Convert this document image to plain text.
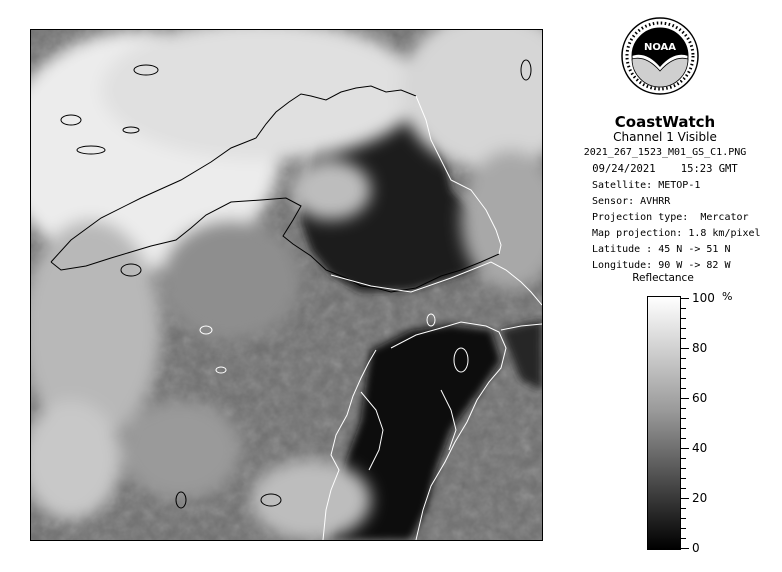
NOAA
CoastWatch
Channel 1 Visible
2021_267_1523_M01_GS_C1.PNG
09/24/2021    15:23 GMT
Satellite: METOP-1
Sensor: AVHRR
Projection type:  Mercator
Map projection: 1.8 km/pixel
Latitude : 45 N -> 51 N
Longitude: 90 W -> 82 W
Reflectance
%
100
80
60
40
20
0
